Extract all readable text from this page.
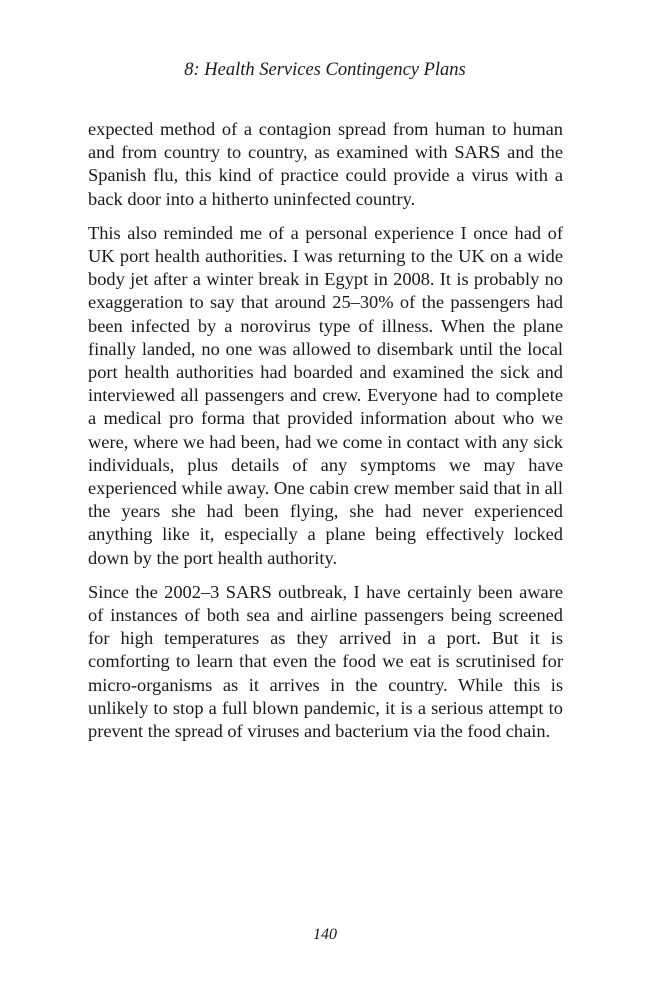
8: Health Services Contingency Plans

expected method of a contagion spread from human to human and from country to country, as examined with SARS and the Spanish flu, this kind of practice could provide a virus with a back door into a hitherto uninfected country.

This also reminded me of a personal experience I once had of UK port health authorities. I was returning to the UK on a wide body jet after a winter break in Egypt in 2008. It is probably no exaggeration to say that around 25–30% of the passengers had been infected by a norovirus type of illness. When the plane finally landed, no one was allowed to disembark until the local port health authorities had boarded and examined the sick and interviewed all passengers and crew. Everyone had to complete a medical pro forma that provided information about who we were, where we had been, had we come in contact with any sick individuals, plus details of any symptoms we may have experienced while away. One cabin crew member said that in all the years she had been flying, she had never experienced anything like it, especially a plane being effectively locked down by the port health authority.

Since the 2002–3 SARS outbreak, I have certainly been aware of instances of both sea and airline passengers being screened for high temperatures as they arrived in a port. But it is comforting to learn that even the food we eat is scrutinised for micro-organisms as it arrives in the country. While this is unlikely to stop a full blown pandemic, it is a serious attempt to prevent the spread of viruses and bacterium via the food chain.

140
